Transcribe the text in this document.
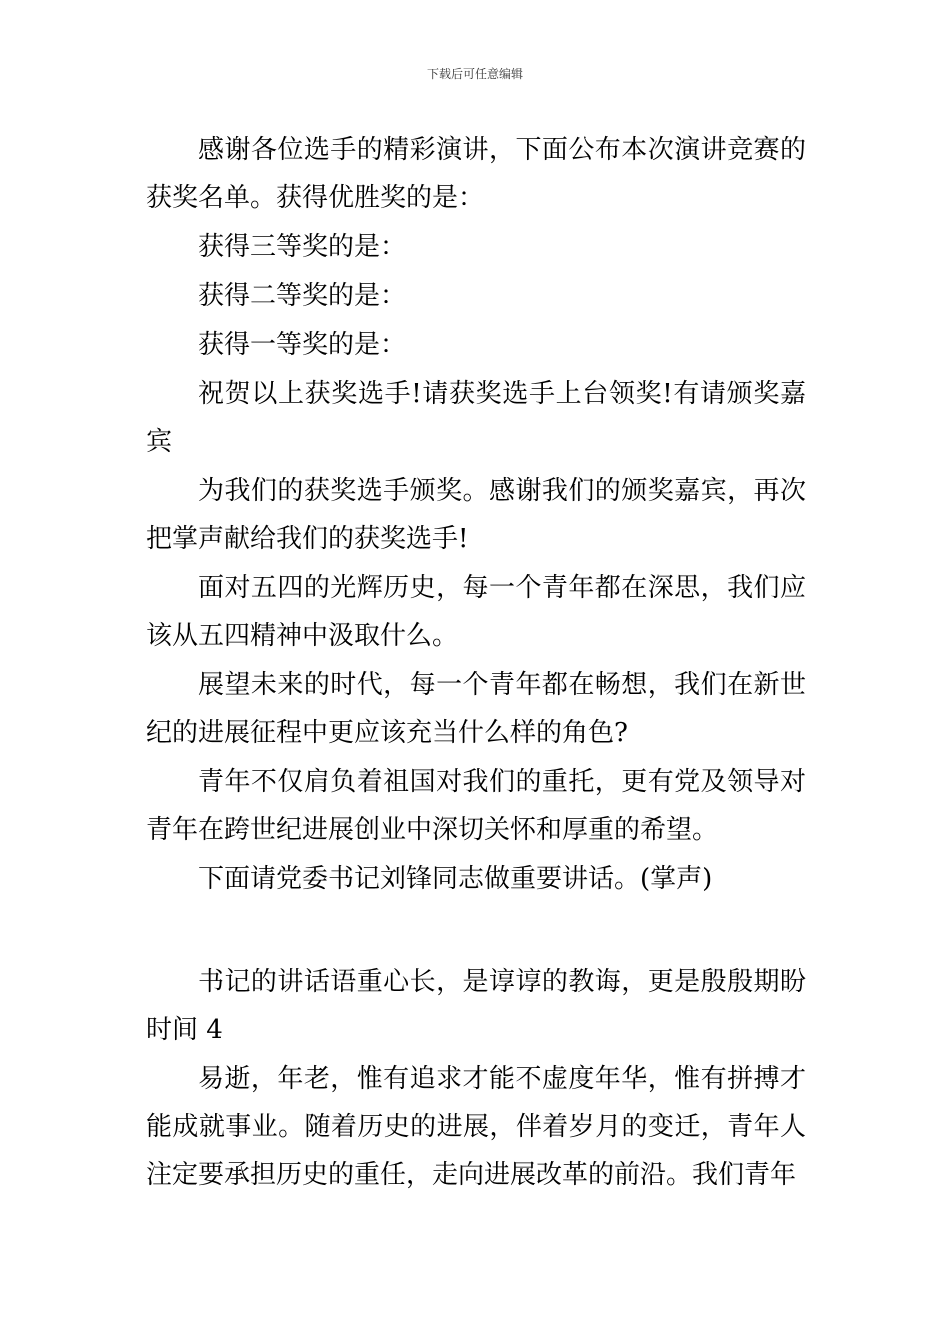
下载后可任意编辑

感谢各位选手的精彩演讲，下面公布本次演讲竞赛的获奖名单。获得优胜奖的是：

获得三等奖的是：

获得二等奖的是：

获得一等奖的是：

祝贺以上获奖选手!请获奖选手上台领奖!有请颁奖嘉宾

为我们的获奖选手颁奖。感谢我们的颁奖嘉宾，再次把掌声献给我们的获奖选手!

面对五四的光辉历史，每一个青年都在深思，我们应该从五四精神中汲取什么。

展望未来的时代，每一个青年都在畅想，我们在新世纪的进展征程中更应该充当什么样的角色?

青年不仅肩负着祖国对我们的重托，更有党及领导对青年在跨世纪进展创业中深切关怀和厚重的希望。

下面请党委书记刘锋同志做重要讲话。(掌声)

书记的讲话语重心长，是谆谆的教诲，更是殷殷期盼时间 4

易逝，年老，惟有追求才能不虚度年华，惟有拼搏才能成就事业。随着历史的进展，伴着岁月的变迁，青年人注定要承担历史的重任，走向进展改革的前沿。我们青年
